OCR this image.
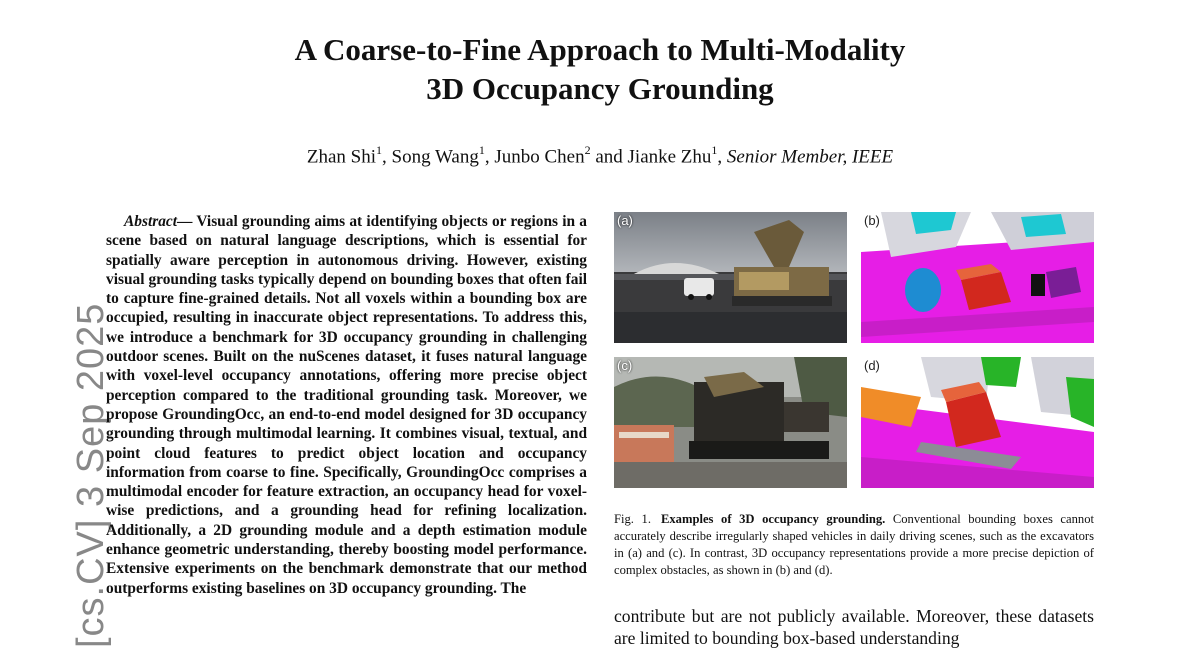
[cs.CV] 3 Sep 2025
A Coarse-to-Fine Approach to Multi-Modality
3D Occupancy Grounding
Zhan Shi$^1$, Song Wang$^1$, Junbo Chen$^2$ and Jianke Zhu$^1$, Senior Member, IEEE
Abstract— Visual grounding aims at identifying objects or regions in a scene based on natural language descriptions, which is essential for spatially aware perception in autonomous driving. However, existing visual grounding tasks typically depend on bounding boxes that often fail to capture fine-grained details. Not all voxels within a bounding box are occupied, resulting in inaccurate object representations. To address this, we introduce a benchmark for 3D occupancy grounding in challenging outdoor scenes. Built on the nuScenes dataset, it fuses natural language with voxel-level occupancy annotations, offering more precise object perception compared to the traditional grounding task. Moreover, we propose GroundingOcc, an end-to-end model designed for 3D occupancy grounding through multimodal learning. It combines visual, textual, and point cloud features to predict object location and occupancy information from coarse to fine. Specifically, GroundingOcc comprises a multimodal encoder for feature extraction, an occupancy head for voxel-wise predictions, and a grounding head for refining localization. Additionally, a 2D grounding module and a depth estimation module enhance geometric understanding, thereby boosting model performance. Extensive experiments on the benchmark demonstrate that our method outperforms existing baselines on 3D occupancy grounding. The
(a)	(b)
(c)	(d)
Fig. 1. Examples of 3D occupancy grounding. Conventional bounding boxes cannot accurately describe irregularly shaped vehicles in daily driving scenes, such as the excavators in (a) and (c). In contrast, 3D occupancy representations provide a more precise depiction of complex obstacles, as shown in (b) and (d).
contribute but are not publicly available. Moreover, these datasets are limited to bounding box-based understanding
